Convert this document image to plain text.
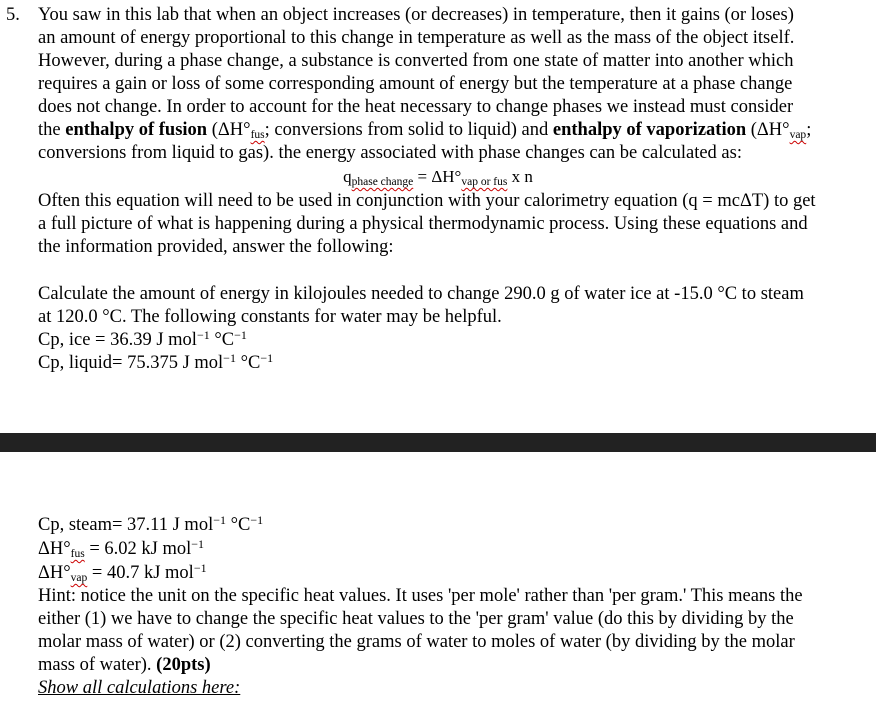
5. You saw in this lab that when an object increases (or decreases) in temperature, then it gains (or loses)
an amount of energy proportional to this change in temperature as well as the mass of the object itself.
However, during a phase change, a substance is converted from one state of matter into another which
requires a gain or loss of some corresponding amount of energy but the temperature at a phase change
does not change. In order to account for the heat necessary to change phases we instead must consider
the enthalpy of fusion (ΔH°fus; conversions from solid to liquid) and enthalpy of vaporization (ΔH°vap;
conversions from liquid to gas). the energy associated with phase changes can be calculated as:
qphase change = ΔH°vap or fus x n
Often this equation will need to be used in conjunction with your calorimetry equation (q = mcΔT) to get
a full picture of what is happening during a physical thermodynamic process. Using these equations and
the information provided, answer the following:
Calculate the amount of energy in kilojoules needed to change 290.0 g of water ice at -15.0 °C to steam
at 120.0 °C. The following constants for water may be helpful.
Cp, ice = 36.39 J mol$^{-1}$ $^\circ C^{-1}$
Cp, liquid= 75.375 J mol$^{-1}$ $^\circ C^{-1}$
Cp, steam= 37.11 J mol$^{-1}$ $^\circ C^{-1}$
ΔH°fus = 6.02 kJ mol$^{-1}$
ΔH°vap = 40.7 kJ mol$^{-1}$
Hint: notice the unit on the specific heat values. It uses 'per mole' rather than 'per gram.' This means the
either (1) we have to change the specific heat values to the 'per gram' value (do this by dividing by the
molar mass of water) or (2) converting the grams of water to moles of water (by dividing by the molar
mass of water). (20pts)
Show all calculations here:
